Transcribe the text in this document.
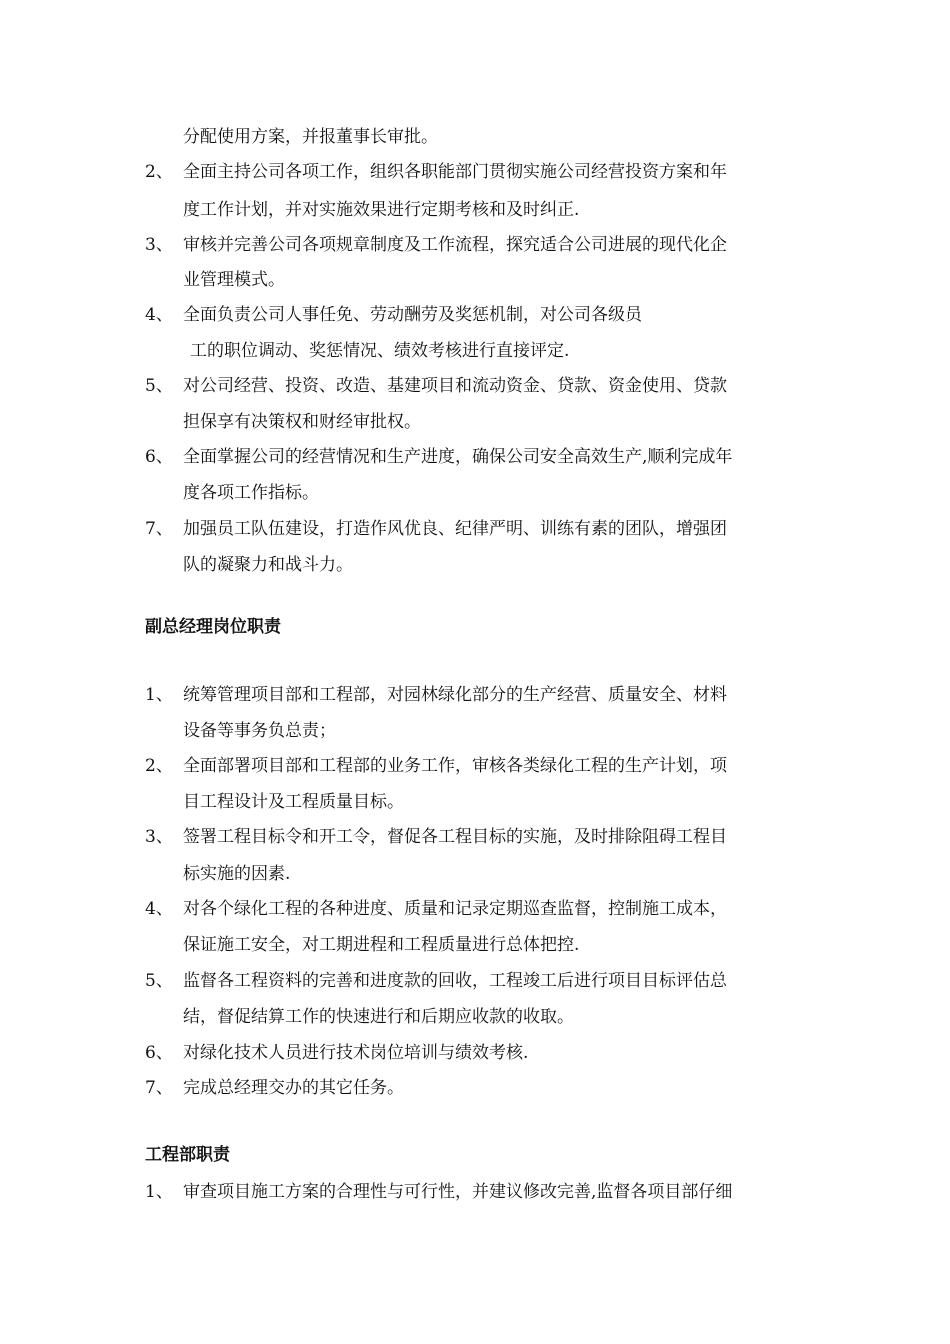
分配使用方案，并报董事长审批。
2、 全面主持公司各项工作，组织各职能部门贯彻实施公司经营投资方案和年
度工作计划，并对实施效果进行定期考核和及时纠正.
3、 审核并完善公司各项规章制度及工作流程，探究适合公司进展的现代化企
业管理模式。
4、 全面负责公司人事任免、劳动酬劳及奖惩机制，对公司各级员
工的职位调动、奖惩情况、绩效考核进行直接评定.
5、 对公司经营、投资、改造、基建项目和流动资金、贷款、资金使用、贷款
担保享有决策权和财经审批权。
6、 全面掌握公司的经营情况和生产进度，确保公司安全高效生产,顺利完成年
度各项工作指标。
7、 加强员工队伍建设，打造作风优良、纪律严明、训练有素的团队，增强团
队的凝聚力和战斗力。
副总经理岗位职责
1、 统筹管理项目部和工程部，对园林绿化部分的生产经营、质量安全、材料
设备等事务负总责；
2、 全面部署项目部和工程部的业务工作，审核各类绿化工程的生产计划，项
目工程设计及工程质量目标。
3、 签署工程目标令和开工令，督促各工程目标的实施，及时排除阻碍工程目
标实施的因素.
4、 对各个绿化工程的各种进度、质量和记录定期巡查监督，控制施工成本，
保证施工安全，对工期进程和工程质量进行总体把控.
5、 监督各工程资料的完善和进度款的回收，工程竣工后进行项目目标评估总
结，督促结算工作的快速进行和后期应收款的收取。
6、 对绿化技术人员进行技术岗位培训与绩效考核.
7、 完成总经理交办的其它任务。
工程部职责
1、 审查项目施工方案的合理性与可行性，并建议修改完善,监督各项目部仔细
